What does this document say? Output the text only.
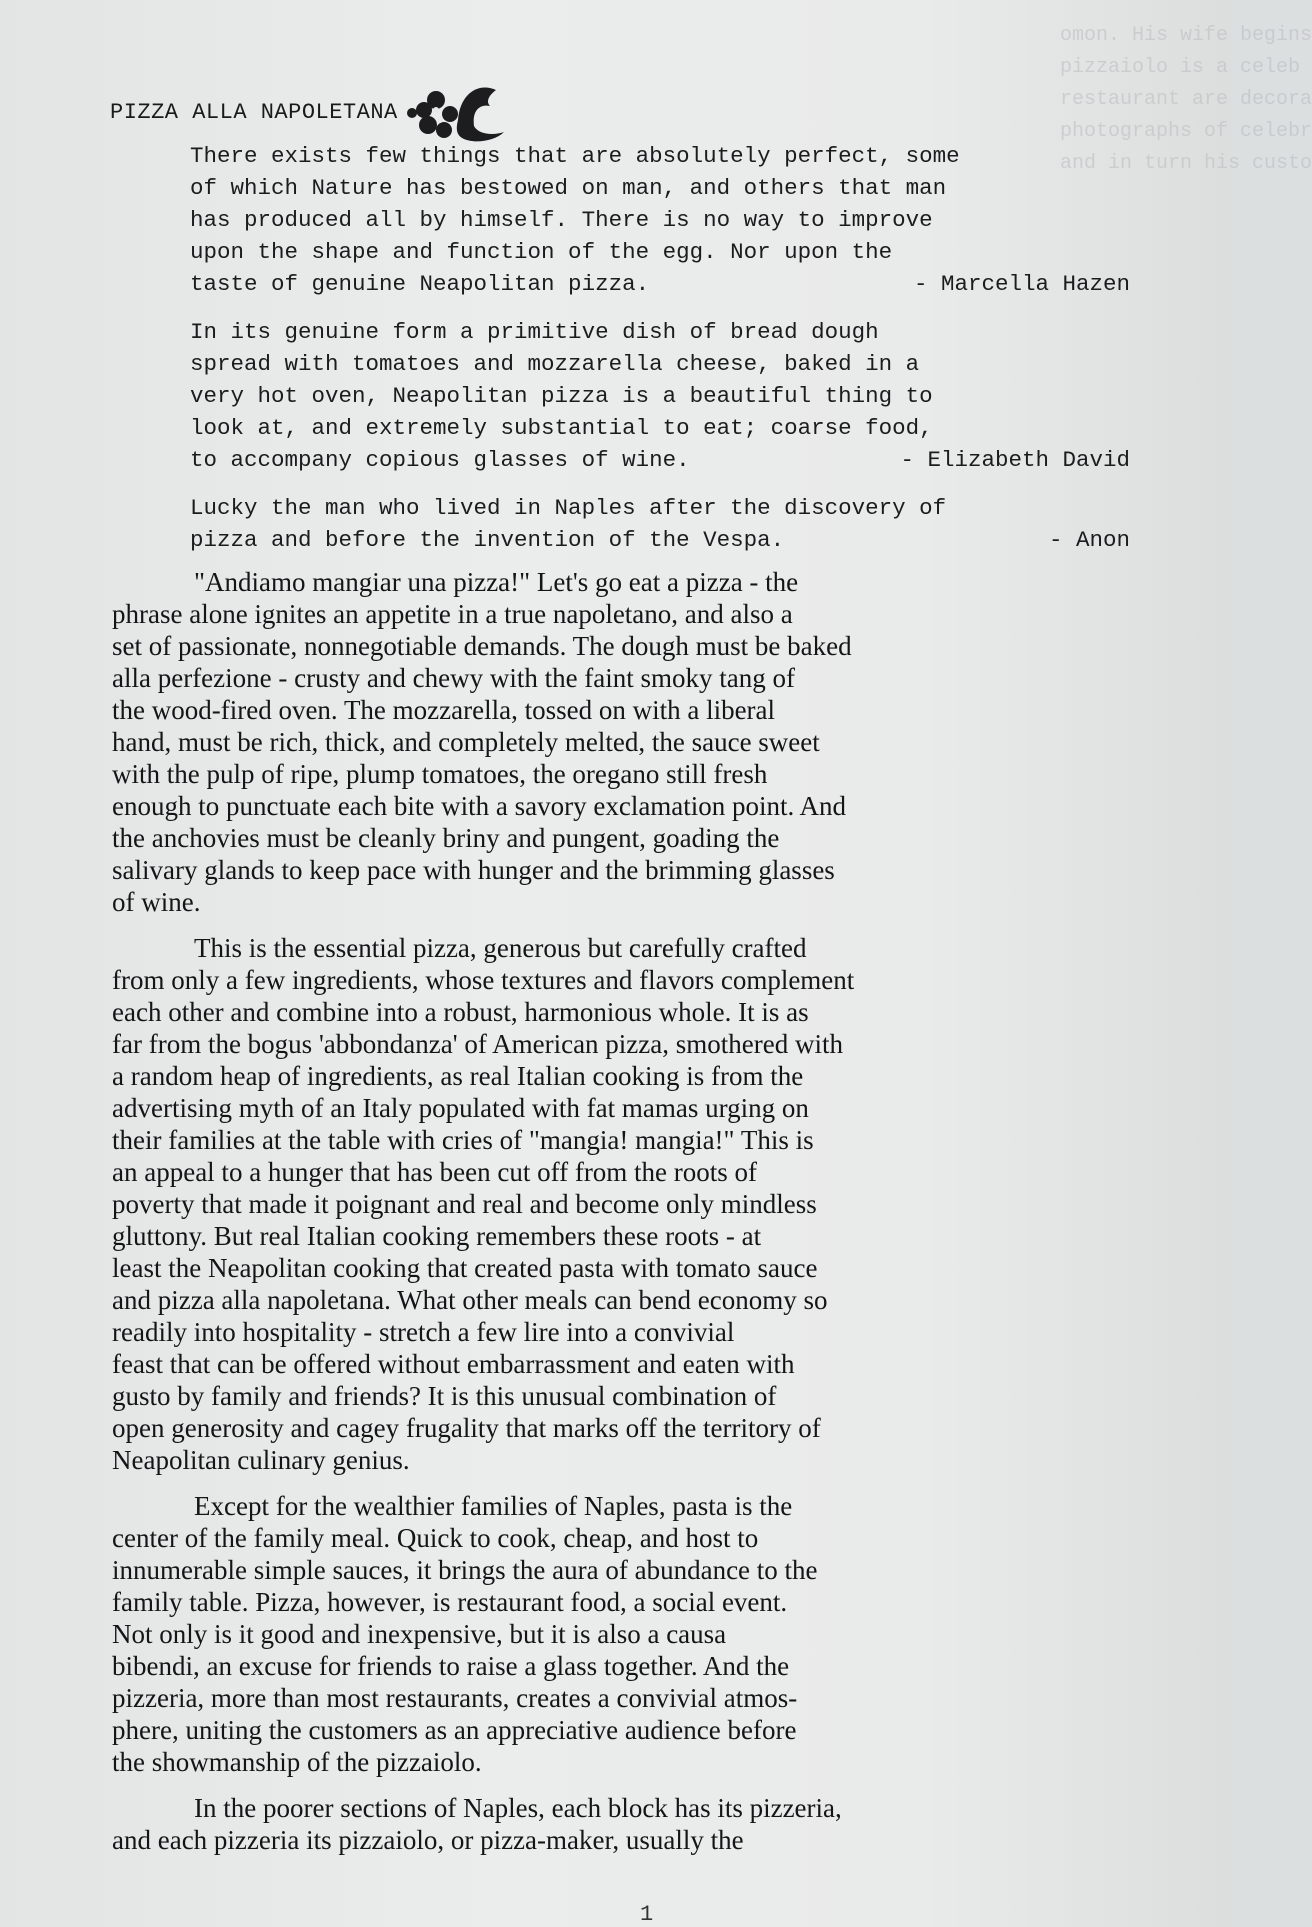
omon. His wife begins
pizzaiolo is a celeb
restaurant are decora
photographs of celebr
and in turn his custo
PIZZA ALLA NAPOLETANA
There exists few things that are absolutely perfect, some
of which Nature has bestowed on man, and others that man
has produced all by himself. There is no way to improve
upon the shape and function of the egg. Nor upon the
taste of genuine Neapolitan pizza.	- Marcella Hazen
In its genuine form a primitive dish of bread dough
spread with tomatoes and mozzarella cheese, baked in a
very hot oven, Neapolitan pizza is a beautiful thing to
look at, and extremely substantial to eat; coarse food,
to accompany copious glasses of wine.	- Elizabeth David
Lucky the man who lived in Naples after the discovery of
pizza and before the invention of the Vespa.	- Anon
"Andiamo mangiar una pizza!" Let's go eat a pizza - the
phrase alone ignites an appetite in a true napoletano, and also a
set of passionate, nonnegotiable demands. The dough must be baked
alla perfezione - crusty and chewy with the faint smoky tang of
the wood-fired oven. The mozzarella, tossed on with a liberal
hand, must be rich, thick, and completely melted, the sauce sweet
with the pulp of ripe, plump tomatoes, the oregano still fresh
enough to punctuate each bite with a savory exclamation point. And
the anchovies must be cleanly briny and pungent, goading the
salivary glands to keep pace with hunger and the brimming glasses
of wine.
This is the essential pizza, generous but carefully crafted
from only a few ingredients, whose textures and flavors complement
each other and combine into a robust, harmonious whole. It is as
far from the bogus 'abbondanza' of American pizza, smothered with
a random heap of ingredients, as real Italian cooking is from the
advertising myth of an Italy populated with fat mamas urging on
their families at the table with cries of "mangia! mangia!" This is
an appeal to a hunger that has been cut off from the roots of
poverty that made it poignant and real and become only mindless
gluttony. But real Italian cooking remembers these roots - at
least the Neapolitan cooking that created pasta with tomato sauce
and pizza alla napoletana. What other meals can bend economy so
readily into hospitality - stretch a few lire into a convivial
feast that can be offered without embarrassment and eaten with
gusto by family and friends? It is this unusual combination of
open generosity and cagey frugality that marks off the territory of
Neapolitan culinary genius.
Except for the wealthier families of Naples, pasta is the
center of the family meal. Quick to cook, cheap, and host to
innumerable simple sauces, it brings the aura of abundance to the
family table. Pizza, however, is restaurant food, a social event.
Not only is it good and inexpensive, but it is also a causa
bibendi, an excuse for friends to raise a glass together. And the
pizzeria, more than most restaurants, creates a convivial atmos-
phere, uniting the customers as an appreciative audience before
the showmanship of the pizzaiolo.
In the poorer sections of Naples, each block has its pizzeria,
and each pizzeria its pizzaiolo, or pizza-maker, usually the
1
